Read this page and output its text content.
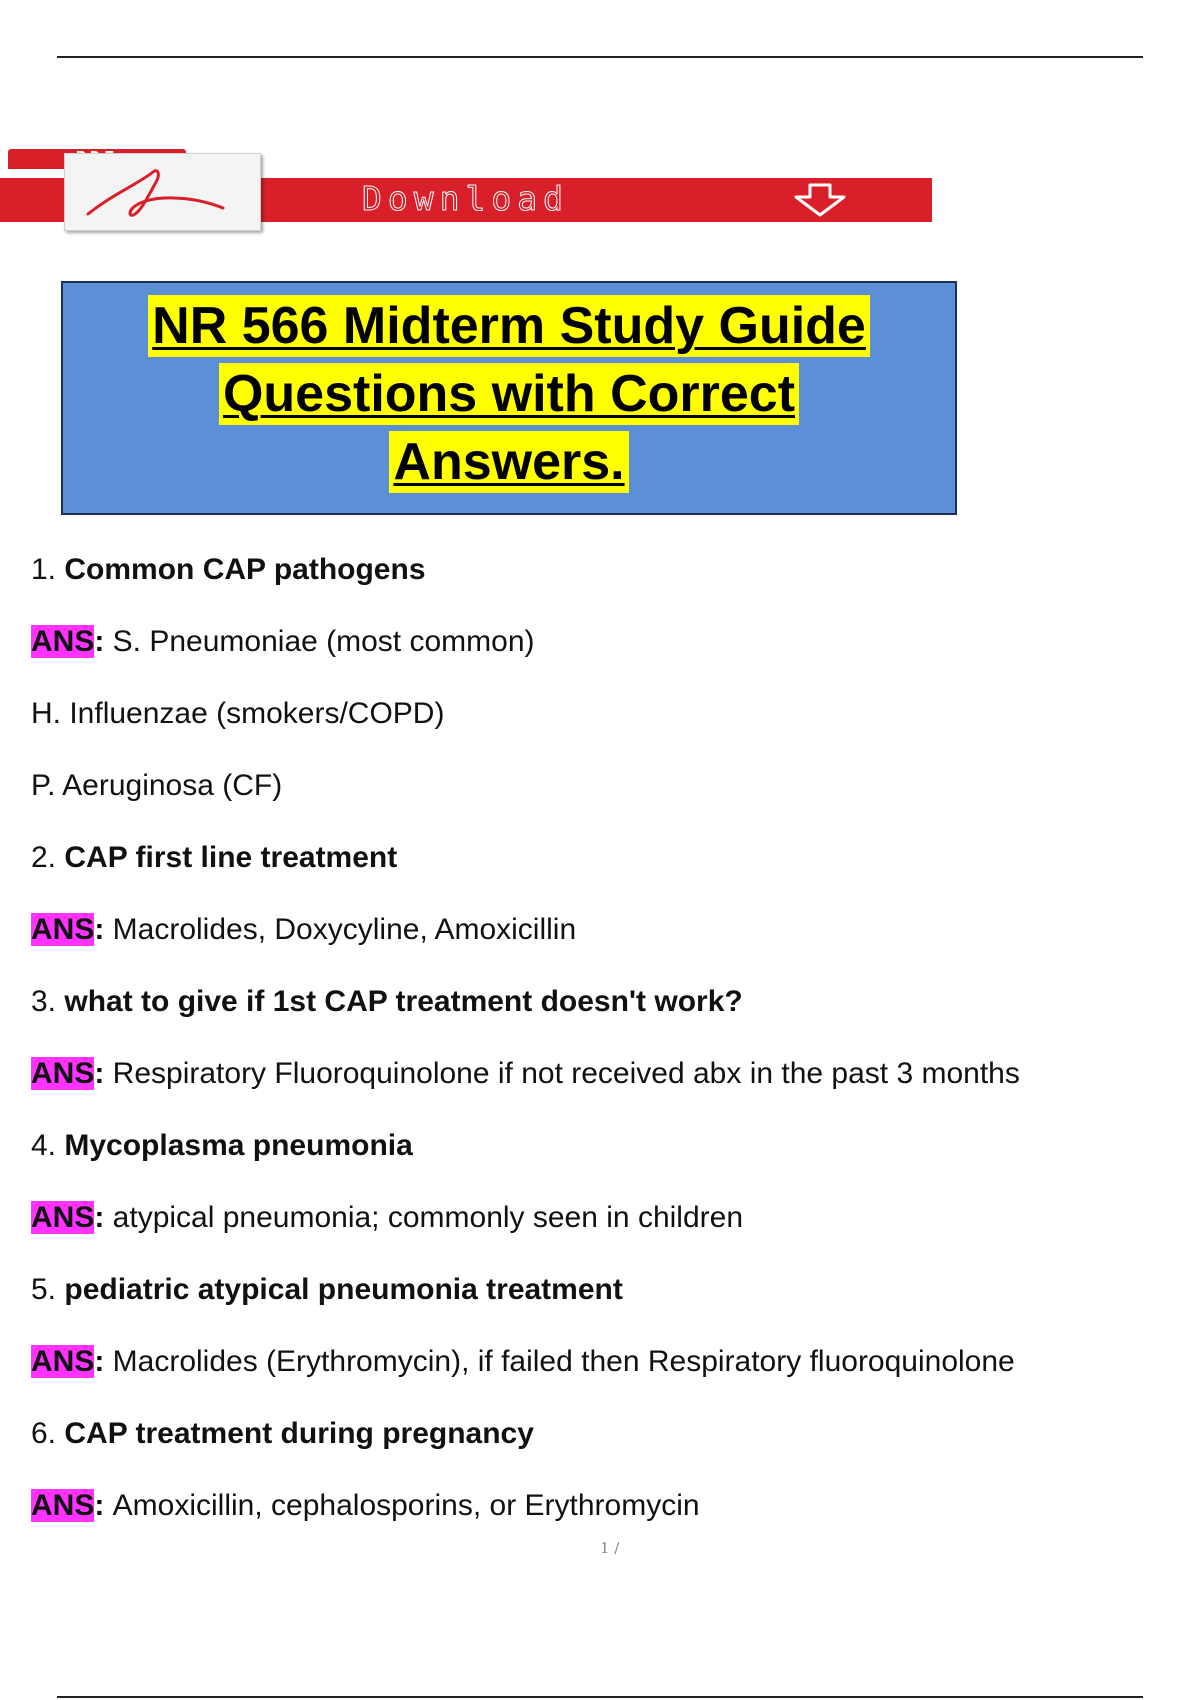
Download
NR 566 Midterm Study Guide
Questions with Correct
Answers.
1. Common CAP pathogens
ANS: S. Pneumoniae (most common)
H. Influenzae (smokers/COPD)
P. Aeruginosa (CF)
2. CAP first line treatment
ANS: Macrolides, Doxycyline, Amoxicillin
3. what to give if 1st CAP treatment doesn't work?
ANS: Respiratory Fluoroquinolone if not received abx in the past 3 months
4. Mycoplasma pneumonia
ANS: atypical pneumonia; commonly seen in children
5. pediatric atypical pneumonia treatment
ANS: Macrolides (Erythromycin), if failed then Respiratory fluoroquinolone
6. CAP treatment during pregnancy
ANS: Amoxicillin, cephalosporins, or Erythromycin
1 /
